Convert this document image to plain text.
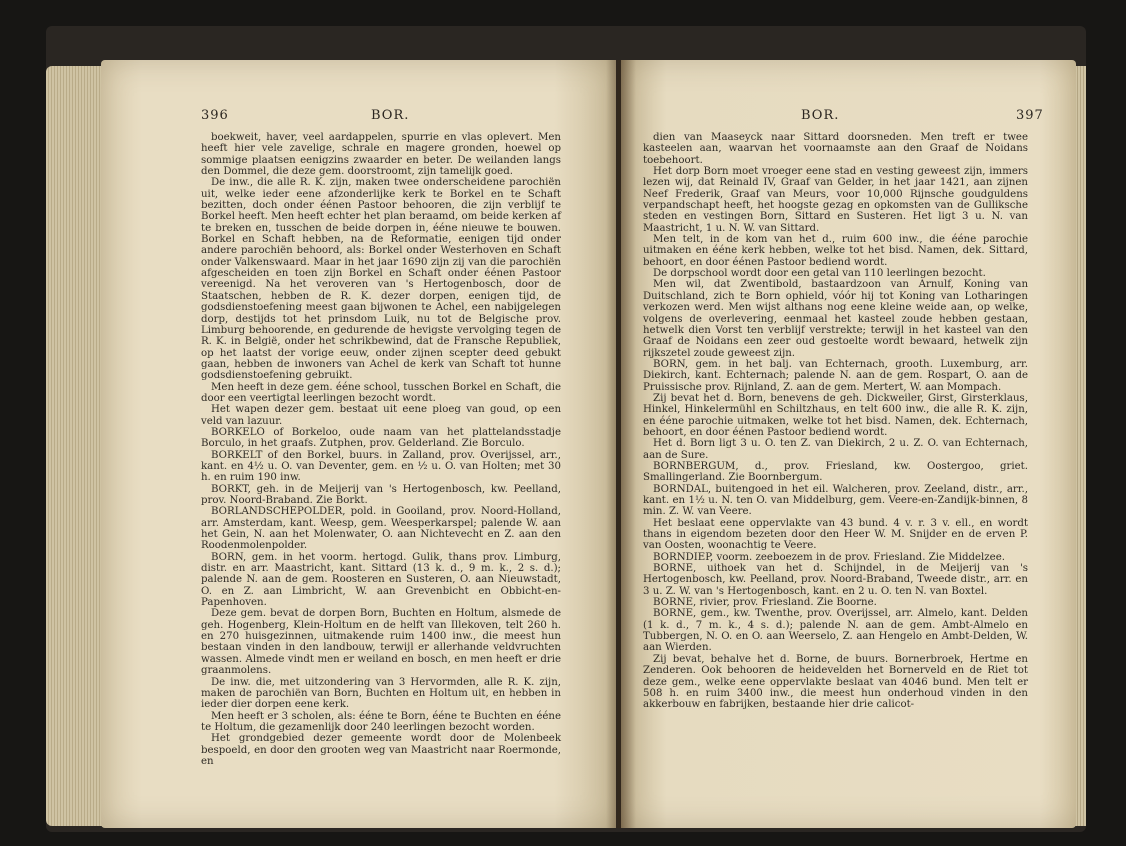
396	BOR.

boekweit, haver, veel aardappelen, spurrie en vlas oplevert. Men heeft hier vele zavelige, schrale en magere gronden, hoewel op sommige plaatsen eenigzins zwaarder en beter. De weilanden langs den Dommel, die deze gem. doorstroomt, zijn tamelijk goed.

De inw., die alle R. K. zijn, maken twee onderscheidene parochiën uit, welke ieder eene afzonderlijke kerk te Borkel en te Schaft bezitten, doch onder éénen Pastoor behooren, die zijn verblijf te Borkel heeft. Men heeft echter het plan beraamd, om beide kerken af te breken en, tusschen de beide dorpen in, ééne nieuwe te bouwen. Borkel en Schaft hebben, na de Reformatie, eenigen tijd onder andere parochiën behoord, als: Borkel onder Westerhoven en Schaft onder Valkenswaard. Maar in het jaar 1690 zijn zij van die parochiën afgescheiden en toen zijn Borkel en Schaft onder éénen Pastoor vereenigd. Na het veroveren van 's Hertogenbosch, door de Staatschen, hebben de R. K. dezer dorpen, eenigen tijd, de godsdienstoefening meest gaan bijwonen te Achel, een nabijgelegen dorp, destijds tot het prinsdom Luik, nu tot de Belgische prov. Limburg behoorende, en gedurende de hevigste vervolging tegen de R. K. in België, onder het schrikbewind, dat de Fransche Republiek, op het laatst der vorige eeuw, onder zijnen scepter deed gebukt gaan, hebben de inwoners van Achel de kerk van Schaft tot hunne godsdienstoefening gebruikt.

Men heeft in deze gem. ééne school, tusschen Borkel en Schaft, die door een veertigtal leerlingen bezocht wordt.

Het wapen dezer gem. bestaat uit eene ploeg van goud, op een veld van lazuur.

BORKELO of Borkeloo, oude naam van het plattelandsstadje Borculo, in het graafs. Zutphen, prov. Gelderland. Zie Borculo.

BORKELT of den Borkel, buurs. in Zalland, prov. Overijssel, arr., kant. en 4½ u. O. van Deventer, gem. en ½ u. O. van Holten; met 30 h. en ruim 190 inw.

BORKT, geh. in de Meijerij van 's Hertogenbosch, kw. Peelland, prov. Noord-Braband. Zie Borkt.

BORLANDSCHEPOLDER, pold. in Gooiland, prov. Noord-Holland, arr. Amsterdam, kant. Weesp, gem. Weesperkarspel; palende W. aan het Gein, N. aan het Molenwater, O. aan Nichtevecht en Z. aan den Roodenmolenpolder.

BORN, gem. in het voorm. hertogd. Gulik, thans prov. Limburg, distr. en arr. Maastricht, kant. Sittard (13 k. d., 9 m. k., 2 s. d.); palende N. aan de gem. Roosteren en Susteren, O. aan Nieuwstadt, O. en Z. aan Limbricht, W. aan Grevenbicht en Obbicht-en-Papenhoven.

Deze gem. bevat de dorpen Born, Buchten en Holtum, alsmede de geh. Hogenberg, Klein-Holtum en de helft van Illekoven, telt 260 h. en 270 huisgezinnen, uitmakende ruim 1400 inw., die meest hun bestaan vinden in den landbouw, terwijl er allerhande veldvruchten wassen. Almede vindt men er weiland en bosch, en men heeft er drie graanmolens.

De inw. die, met uitzondering van 3 Hervormden, alle R. K. zijn, maken de parochiën van Born, Buchten en Holtum uit, en hebben in ieder dier dorpen eene kerk.

Men heeft er 3 scholen, als: ééne te Born, ééne te Buchten en ééne te Holtum, die gezamenlijk door 240 leerlingen bezocht worden.

Het grondgebied dezer gemeente wordt door de Molenbeek bespoeld, en door den grooten weg van Maastricht naar Roermonde, en

BOR.	397

dien van Maaseyck naar Sittard doorsneden. Men treft er twee kasteelen aan, waarvan het voornaamste aan den Graaf de Noidans toebehoort.

Het dorp Born moet vroeger eene stad en vesting geweest zijn, immers lezen wij, dat Reinald IV, Graaf van Gelder, in het jaar 1421, aan zijnen Neef Frederik, Graaf van Meurs, voor 10,000 Rijnsche goudguldens verpandschapt heeft, het hoogste gezag en opkomsten van de Gulliksche steden en vestingen Born, Sittard en Susteren. Het ligt 3 u. N. van Maastricht, 1 u. N. W. van Sittard.

Men telt, in de kom van het d., ruim 600 inw., die ééne parochie uitmaken en ééne kerk hebben, welke tot het bisd. Namen, dek. Sittard, behoort, en door éénen Pastoor bediend wordt.

De dorpschool wordt door een getal van 110 leerlingen bezocht.

Men wil, dat Zwentibold, bastaardzoon van Arnulf, Koning van Duitschland, zich te Born ophield, vóór hij tot Koning van Lotharingen verkozen werd. Men wijst althans nog eene kleine weide aan, op welke, volgens de overlevering, eenmaal het kasteel zoude hebben gestaan, hetwelk dien Vorst ten verblijf verstrekte; terwijl in het kasteel van den Graaf de Noidans een zeer oud gestoelte wordt bewaard, hetwelk zijn rijkszetel zoude geweest zijn.

BORN, gem. in het balj. van Echternach, grooth. Luxemburg, arr. Diekirch, kant. Echternach; palende N. aan de gem. Rospart, O. aan de Pruissische prov. Rijnland, Z. aan de gem. Mertert, W. aan Mompach.

Zij bevat het d. Born, benevens de geh. Dickweiler, Girst, Girsterklaus, Hinkel, Hinkelermühl en Schiltzhaus, en telt 600 inw., die alle R. K. zijn, en ééne parochie uitmaken, welke tot het bisd. Namen, dek. Echternach, behoort, en door éénen Pastoor bediend wordt.

Het d. Born ligt 3 u. O. ten Z. van Diekirch, 2 u. Z. O. van Echternach, aan de Sure.

BORNBERGUM, d., prov. Friesland, kw. Oostergoo, griet. Smallingerland. Zie Boornbergum.

BORNDAL, buitengoed in het eil. Walcheren, prov. Zeeland, distr., arr., kant. en 1½ u. N. ten O. van Middelburg, gem. Veere-en-Zandijk-binnen, 8 min. Z. W. van Veere.

Het beslaat eene oppervlakte van 43 bund. 4 v. r. 3 v. ell., en wordt thans in eigendom bezeten door den Heer W. M. Snijder en de erven P. van Oosten, woonachtig te Veere.

BORNDIEP, voorm. zeeboezem in de prov. Friesland. Zie Middelzee.

BORNE, uithoek van het d. Schijndel, in de Meijerij van 's Hertogenbosch, kw. Peelland, prov. Noord-Braband, Tweede distr., arr. en 3 u. Z. W. van 's Hertogenbosch, kant. en 2 u. O. ten N. van Boxtel.

BORNE, rivier, prov. Friesland. Zie Boorne.

BORNE, gem., kw. Twenthe, prov. Overijssel, arr. Almelo, kant. Delden (1 k. d., 7 m. k., 4 s. d.); palende N. aan de gem. Ambt-Almelo en Tubbergen, N. O. en O. aan Weerselo, Z. aan Hengelo en Ambt-Delden, W. aan Wierden.

Zij bevat, behalve het d. Borne, de buurs. Bornerbroek, Hertme en Zenderen. Ook behooren de heidevelden het Bornerveld en de Riet tot deze gem., welke eene oppervlakte beslaat van 4046 bund. Men telt er 508 h. en ruim 3400 inw., die meest hun onderhoud vinden in den akkerbouw en fabrijken, bestaande hier drie calicot-
